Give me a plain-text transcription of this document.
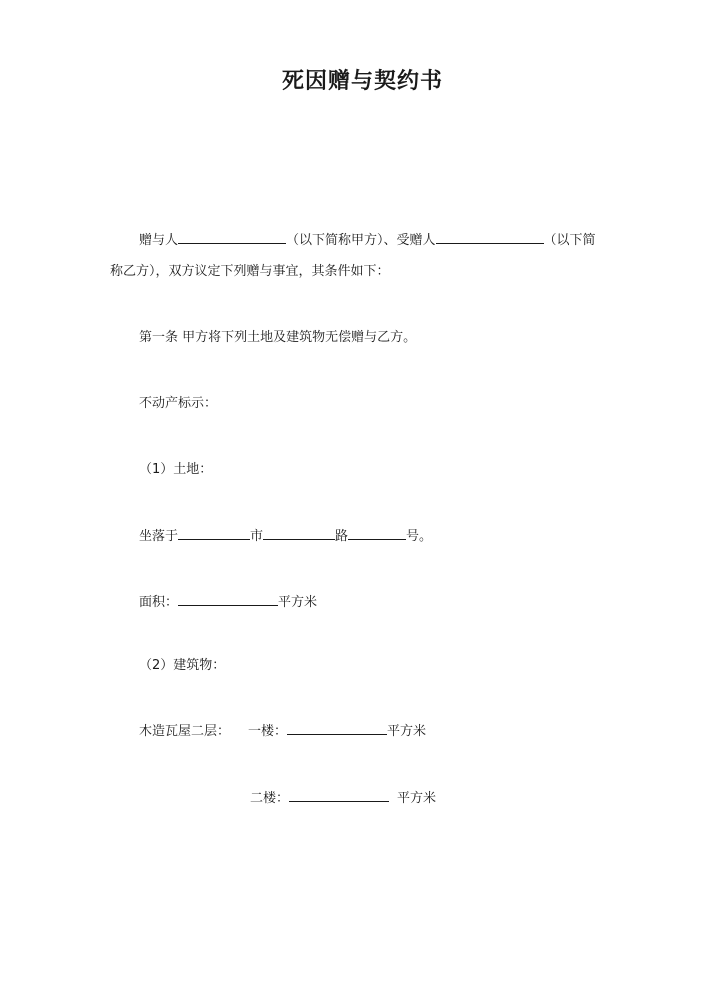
死因赠与契约书
赠与人	（以下简称甲方）、受赠人	（以下简
称乙方），双方议定下列赠与事宜，其条件如下：
第一条 甲方将下列土地及建筑物无偿赠与乙方。
不动产标示：
（1）土地：
坐落于	市	路	号。
面积：	平方米
（2）建筑物：
木造瓦屋二层： 一楼：	平方米
二楼：	平方米
